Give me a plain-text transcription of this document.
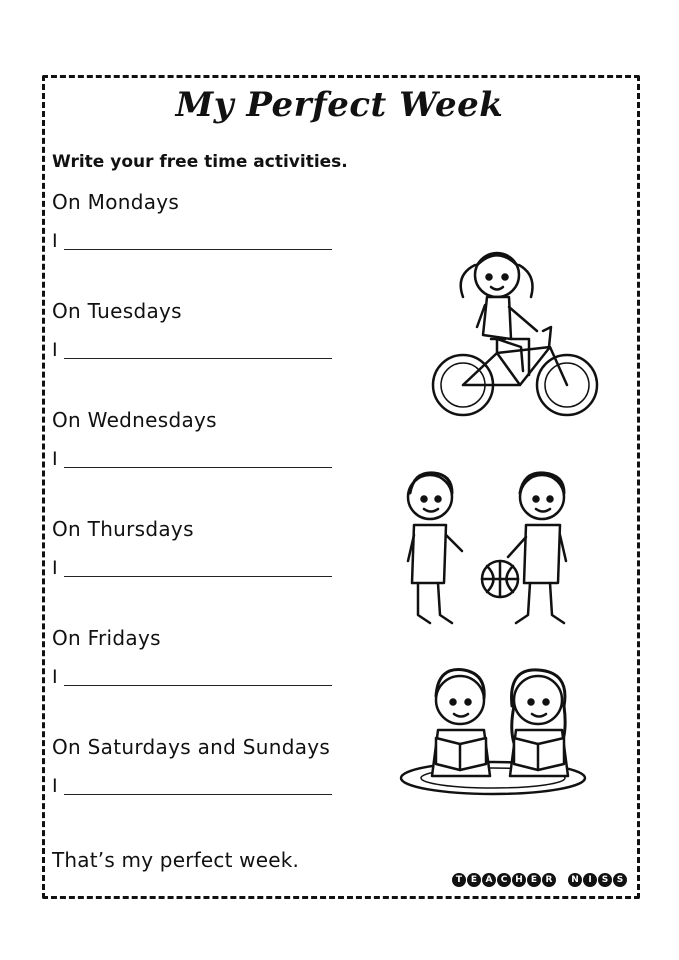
My Perfect Week
Write your free time activities.
On Mondays
I
On Tuesdays
I
On Wednesdays
I
On Thursdays
I
On Fridays
I
On Saturdays and Sundays
I
That’s my perfect week.
T E A C H E R	N	I	S S
